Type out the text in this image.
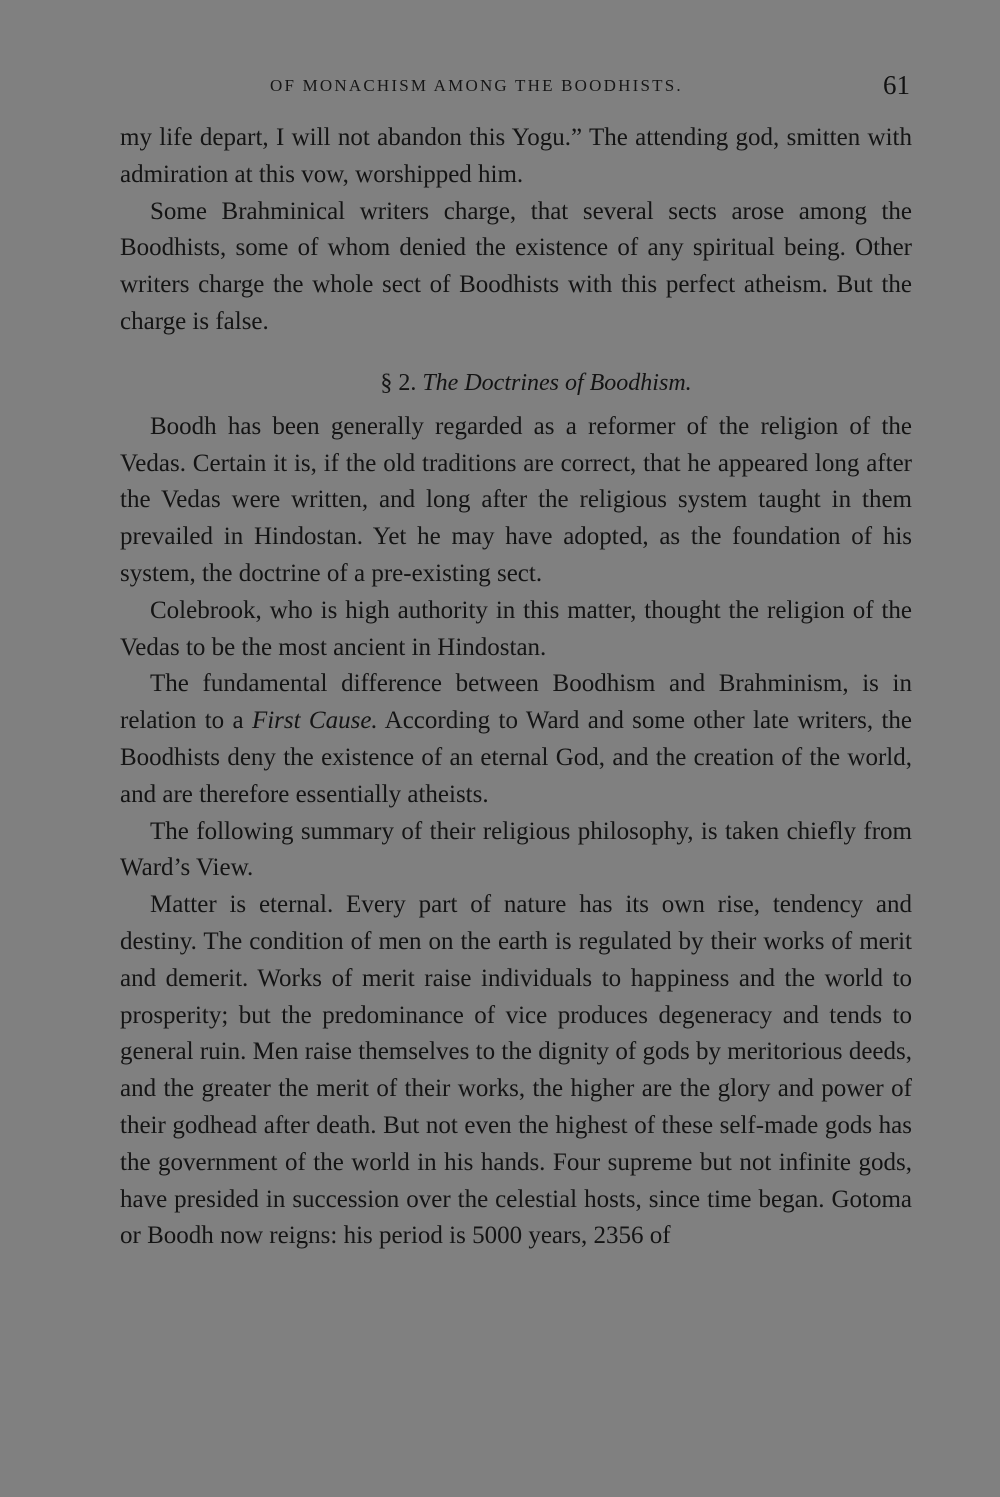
OF MONACHISM AMONG THE BOODHISTS.	61

my life depart, I will not abandon this Yogu.” The attending god, smitten with admiration at this vow, worshipped him.

Some Brahminical writers charge, that several sects arose among the Boodhists, some of whom denied the existence of any spiritual being. Other writers charge the whole sect of Boodhists with this perfect atheism. But the charge is false.

§ 2. The Doctrines of Boodhism.

Boodh has been generally regarded as a reformer of the religion of the Vedas. Certain it is, if the old traditions are correct, that he appeared long after the Vedas were written, and long after the religious system taught in them prevailed in Hindostan. Yet he may have adopted, as the foundation of his system, the doctrine of a pre-existing sect.

Colebrook, who is high authority in this matter, thought the religion of the Vedas to be the most ancient in Hindostan.

The fundamental difference between Boodhism and Brahminism, is in relation to a First Cause. According to Ward and some other late writers, the Boodhists deny the existence of an eternal God, and the creation of the world, and are therefore essentially atheists.

The following summary of their religious philosophy, is taken chiefly from Ward’s View.

Matter is eternal. Every part of nature has its own rise, tendency and destiny. The condition of men on the earth is regulated by their works of merit and demerit. Works of merit raise individuals to happiness and the world to prosperity; but the predominance of vice produces degeneracy and tends to general ruin. Men raise themselves to the dignity of gods by meritorious deeds, and the greater the merit of their works, the higher are the glory and power of their godhead after death. But not even the highest of these self-made gods has the government of the world in his hands. Four supreme but not infinite gods, have presided in succession over the celestial hosts, since time began. Gotoma or Boodh now reigns: his period is 5000 years, 2356 of
